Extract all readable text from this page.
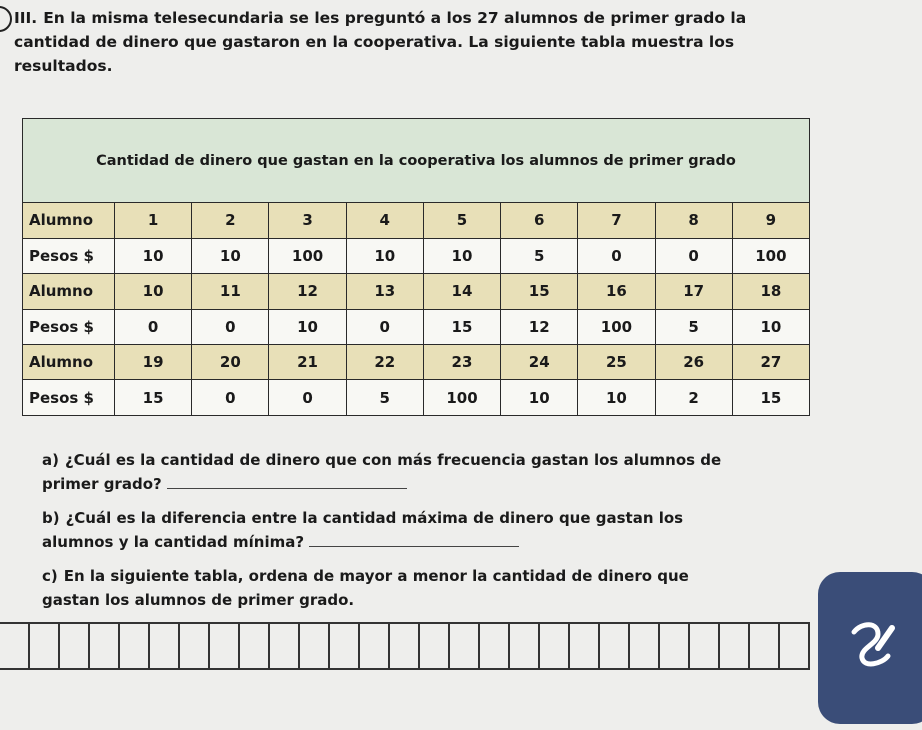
III. En la misma telesecundaria se les preguntó a los 27 alumnos de primer grado la cantidad de dinero que gastaron en la cooperativa. La siguiente tabla muestra los resultados.
Cantidad de dinero que gastan en la cooperativa los alumnos de primer grado									
Alumno	1	2	3	4	5	6	7	8	9
Pesos $	10	10	100	10	10	5	0	0	100
Alumno	10	11	12	13	14	15	16	17	18
Pesos $	0	0	10	0	15	12	100	5	10
Alumno	19	20	21	22	23	24	25	26	27
Pesos $	15	0	0	5	100	10	10	2	15
a) ¿Cuál es la cantidad de dinero que con más frecuencia gastan los alumnos de primer grado?
b) ¿Cuál es la diferencia entre la cantidad máxima de dinero que gastan los alumnos y la cantidad mínima?
c) En la siguiente tabla, ordena de mayor a menor la cantidad de dinero que gastan los alumnos de primer grado.
